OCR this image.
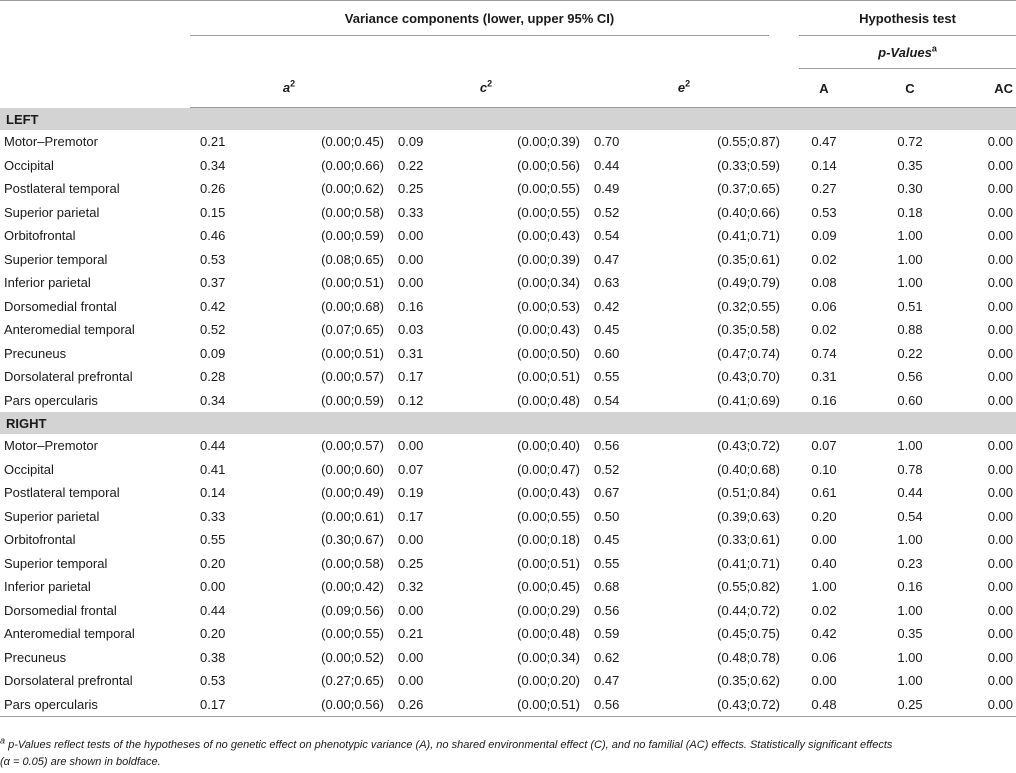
	Variance components (lower, upper 95% CI)						Hypothesis test		
							p-Values$^a$
	$a^2$		$c^2$		$e^2$		A	C	AC
LEFT									
Motor–Premotor	0.21	(0.00;0.45)	0.09	(0.00;0.39)	0.70	(0.55;0.87)	0.47	0.72	0.00
Occipital	0.34	(0.00;0.66)	0.22	(0.00;0.56)	0.44	(0.33;0.59)	0.14	0.35	0.00
Postlateral temporal	0.26	(0.00;0.62)	0.25	(0.00;0.55)	0.49	(0.37;0.65)	0.27	0.30	0.00
Superior parietal	0.15	(0.00;0.58)	0.33	(0.00;0.55)	0.52	(0.40;0.66)	0.53	0.18	0.00
Orbitofrontal	0.46	(0.00;0.59)	0.00	(0.00;0.43)	0.54	(0.41;0.71)	0.09	1.00	0.00
Superior temporal	0.53	(0.08;0.65)	0.00	(0.00;0.39)	0.47	(0.35;0.61)	0.02	1.00	0.00
Inferior parietal	0.37	(0.00;0.51)	0.00	(0.00;0.34)	0.63	(0.49;0.79)	0.08	1.00	0.00
Dorsomedial frontal	0.42	(0.00;0.68)	0.16	(0.00;0.53)	0.42	(0.32;0.55)	0.06	0.51	0.00
Anteromedial temporal	0.52	(0.07;0.65)	0.03	(0.00;0.43)	0.45	(0.35;0.58)	0.02	0.88	0.00
Precuneus	0.09	(0.00;0.51)	0.31	(0.00;0.50)	0.60	(0.47;0.74)	0.74	0.22	0.00
Dorsolateral prefrontal	0.28	(0.00;0.57)	0.17	(0.00;0.51)	0.55	(0.43;0.70)	0.31	0.56	0.00
Pars opercularis	0.34	(0.00;0.59)	0.12	(0.00;0.48)	0.54	(0.41;0.69)	0.16	0.60	0.00
RIGHT									
Motor–Premotor	0.44	(0.00;0.57)	0.00	(0.00;0.40)	0.56	(0.43;0.72)	0.07	1.00	0.00
Occipital	0.41	(0.00;0.60)	0.07	(0.00;0.47)	0.52	(0.40;0.68)	0.10	0.78	0.00
Postlateral temporal	0.14	(0.00;0.49)	0.19	(0.00;0.43)	0.67	(0.51;0.84)	0.61	0.44	0.00
Superior parietal	0.33	(0.00;0.61)	0.17	(0.00;0.55)	0.50	(0.39;0.63)	0.20	0.54	0.00
Orbitofrontal	0.55	(0.30;0.67)	0.00	(0.00;0.18)	0.45	(0.33;0.61)	0.00	1.00	0.00
Superior temporal	0.20	(0.00;0.58)	0.25	(0.00;0.51)	0.55	(0.41;0.71)	0.40	0.23	0.00
Inferior parietal	0.00	(0.00;0.42)	0.32	(0.00;0.45)	0.68	(0.55;0.82)	1.00	0.16	0.00
Dorsomedial frontal	0.44	(0.09;0.56)	0.00	(0.00;0.29)	0.56	(0.44;0.72)	0.02	1.00	0.00
Anteromedial temporal	0.20	(0.00;0.55)	0.21	(0.00;0.48)	0.59	(0.45;0.75)	0.42	0.35	0.00
Precuneus	0.38	(0.00;0.52)	0.00	(0.00;0.34)	0.62	(0.48;0.78)	0.06	1.00	0.00
Dorsolateral prefrontal	0.53	(0.27;0.65)	0.00	(0.00;0.20)	0.47	(0.35;0.62)	0.00	1.00	0.00
Pars opercularis	0.17	(0.00;0.56)	0.26	(0.00;0.51)	0.56	(0.43;0.72)	0.48	0.25	0.00
$^a$ p-Values reflect tests of the hypotheses of no genetic effect on phenotypic variance (A), no shared environmental effect (C), and no familial (AC) effects. Statistically significant effects
(α = 0.05) are shown in boldface.
